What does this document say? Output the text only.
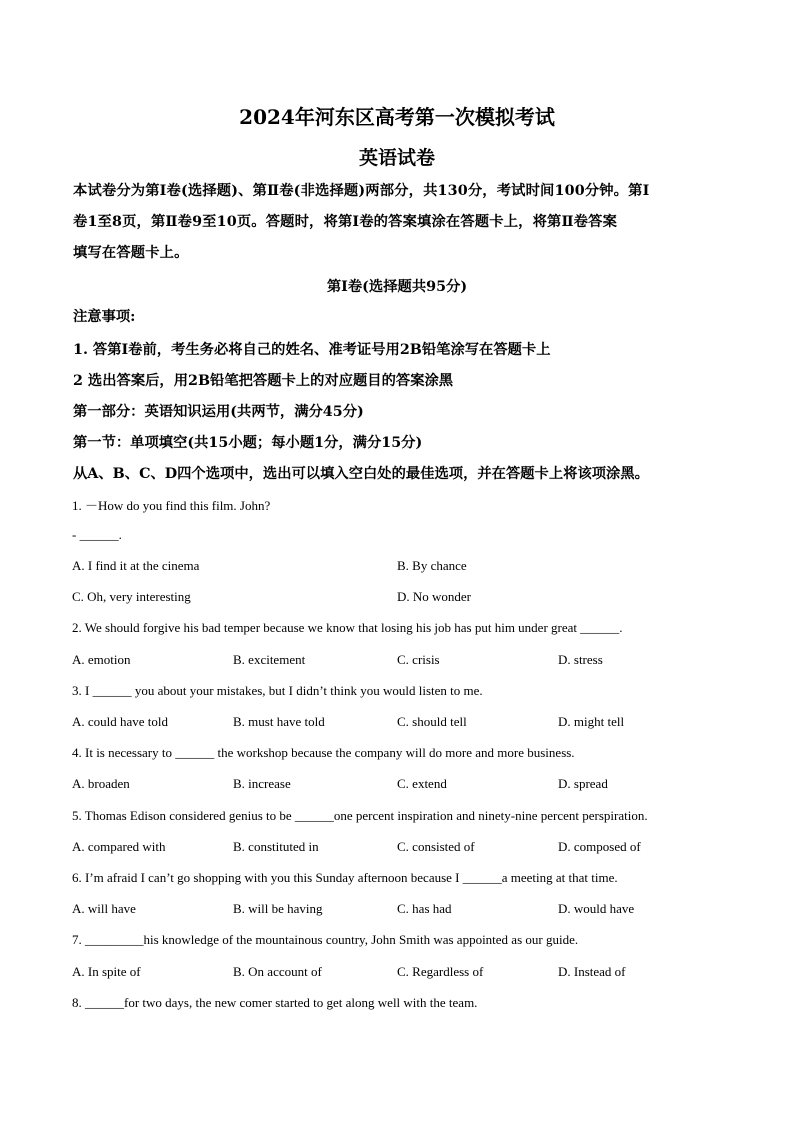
2024年河东区高考第一次模拟考试
英语试卷
本试卷分为第Ⅰ卷(选择题)、第Ⅱ卷(非选择题)两部分，共130分，考试时间100分钟。第Ⅰ
卷1至8页，第Ⅱ卷9至10页。答题时，将第Ⅰ卷的答案填涂在答题卡上，将第Ⅱ卷答案
填写在答题卡上。
第Ⅰ卷(选择题共95分)
注意事项:
1. 答第Ⅰ卷前，考生务必将自己的姓名、准考证号用2B铅笔涂写在答题卡上
2 选出答案后，用2B铅笔把答题卡上的对应题目的答案涂黑
第一部分：英语知识运用(共两节，满分45分)
第一节：单项填空(共15小题；每小题1分，满分15分)
从A、B、C、D四个选项中，选出可以填入空白处的最佳选项，并在答题卡上将该项涂黑。
1. －How do you find this film. John?
- ______.
A. I find it at the cinema	B. By chance
C. Oh, very interesting	D. No wonder
2. We should forgive his bad temper because we know that losing his job has put him under great ______.
A. emotion	B. excitement	C. crisis	D. stress
3. I ______ you about your mistakes, but I didn’t think you would listen to me.
A. could have told	B. must have told	C. should tell	D. might tell
4. It is necessary to ______ the workshop because the company will do more and more business.
A. broaden	B. increase	C. extend	D. spread
5. Thomas Edison considered genius to be ______one percent inspiration and ninety-nine percent perspiration.
A. compared with	B. constituted in	C. consisted of	D. composed of
6. I’m afraid I can’t go shopping with you this Sunday afternoon because I ______a meeting at that time.
A. will have	B. will be having	C. has had	D. would have
7. _________his knowledge of the mountainous country, John Smith was appointed as our guide.
A. In spite of	B. On account of	C. Regardless of	D. Instead of
8. ______for two days, the new comer started to get along well with the team.
